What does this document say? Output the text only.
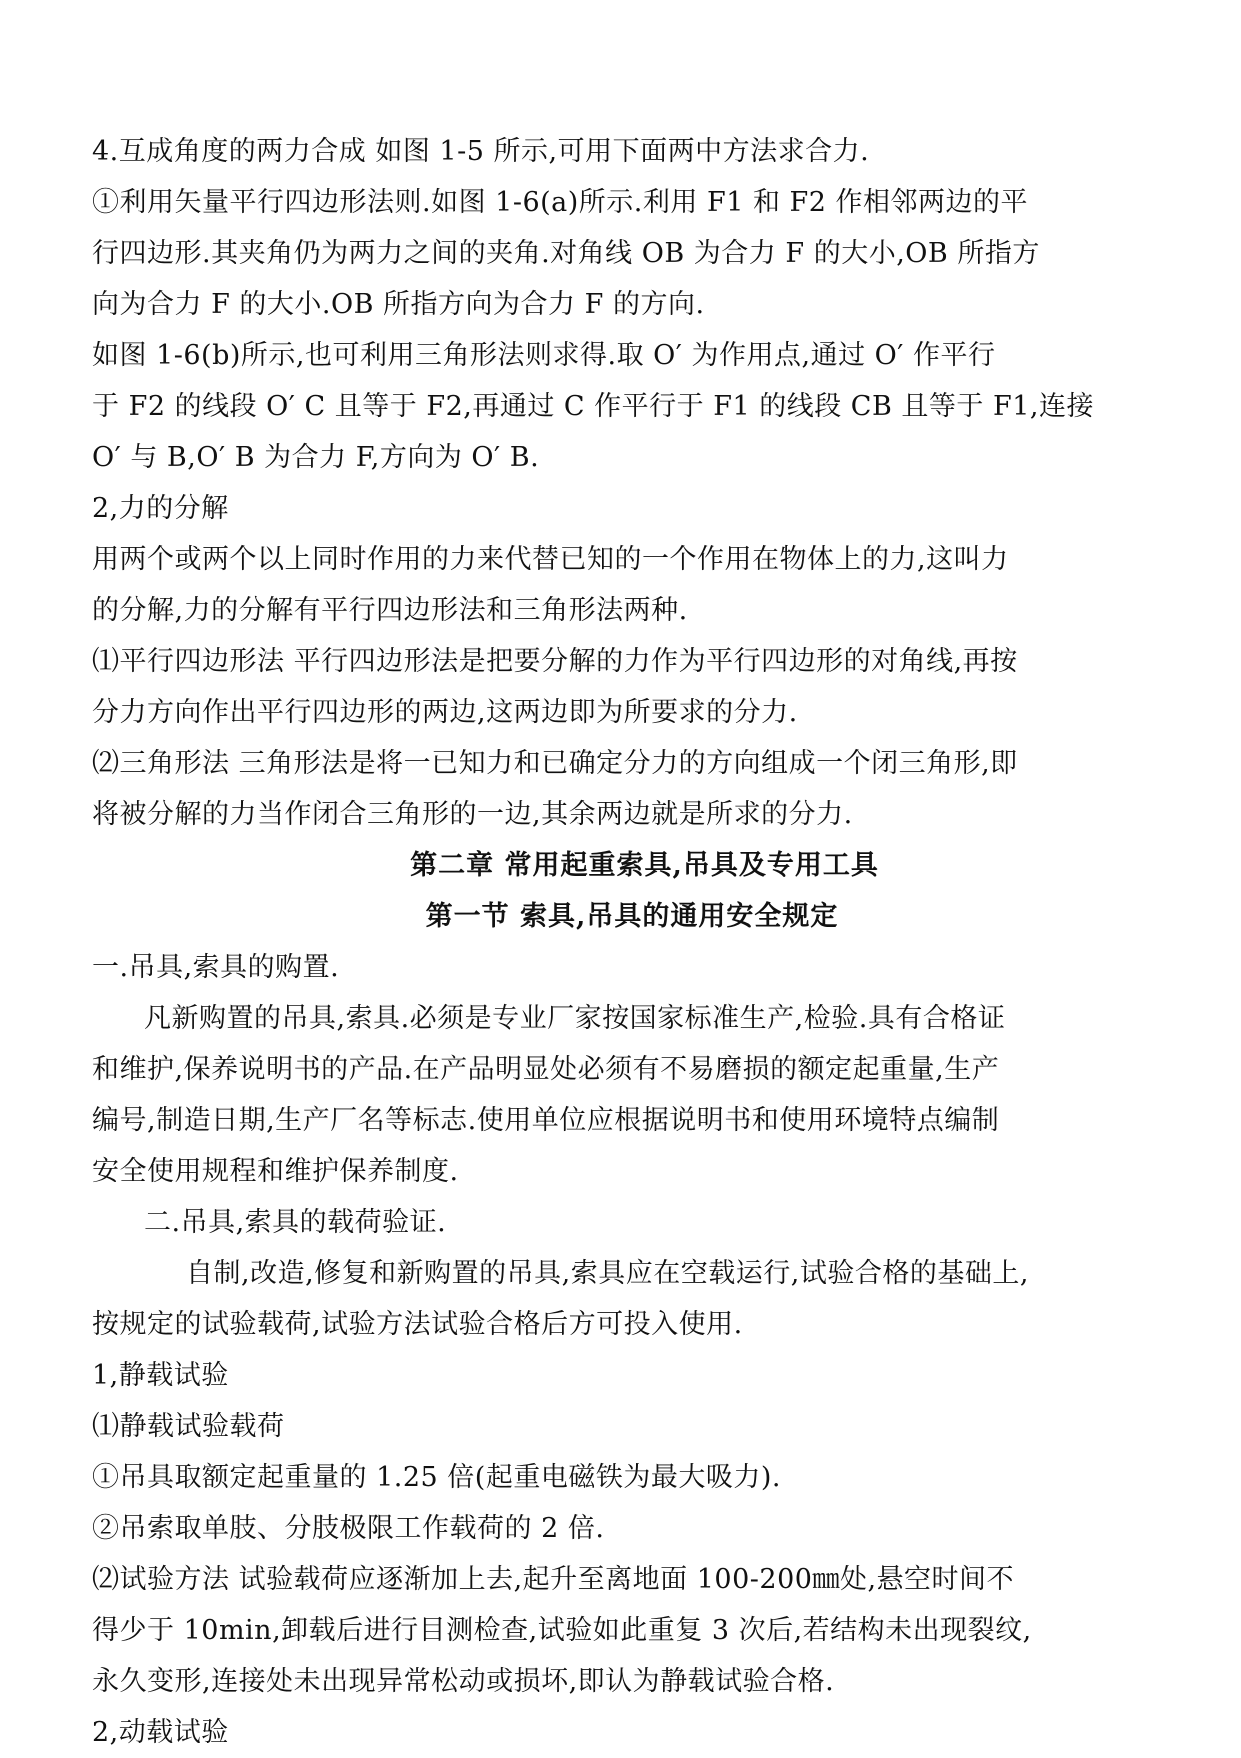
4.互成角度的两力合成 如图 1-5 所示,可用下面两中方法求合力.
①利用矢量平行四边形法则.如图 1-6(a)所示.利用 F1 和 F2 作相邻两边的平
行四边形.其夹角仍为两力之间的夹角.对角线 OB 为合力 F 的大小,OB 所指方
向为合力 F 的大小.OB 所指方向为合力 F 的方向.
如图 1-6(b)所示,也可利用三角形法则求得.取 O′ 为作用点,通过 O′ 作平行
于 F2 的线段 O′ C 且等于 F2,再通过 C 作平行于 F1 的线段 CB 且等于 F1,连接
O′ 与 B,O′ B 为合力 F,方向为 O′ B.
2,力的分解
用两个或两个以上同时作用的力来代替已知的一个作用在物体上的力,这叫力
的分解,力的分解有平行四边形法和三角形法两种.
⑴平行四边形法 平行四边形法是把要分解的力作为平行四边形的对角线,再按
分力方向作出平行四边形的两边,这两边即为所要求的分力.
⑵三角形法 三角形法是将一已知力和已确定分力的方向组成一个闭三角形,即
将被分解的力当作闭合三角形的一边,其余两边就是所求的分力.
第二章 常用起重索具,吊具及专用工具
第一节 索具,吊具的通用安全规定
一.吊具,索具的购置.
凡新购置的吊具,索具.必须是专业厂家按国家标准生产,检验.具有合格证
和维护,保养说明书的产品.在产品明显处必须有不易磨损的额定起重量,生产
编号,制造日期,生产厂名等标志.使用单位应根据说明书和使用环境特点编制
安全使用规程和维护保养制度.
二.吊具,索具的载荷验证.
自制,改造,修复和新购置的吊具,索具应在空载运行,试验合格的基础上,
按规定的试验载荷,试验方法试验合格后方可投入使用.
1,静载试验
⑴静载试验载荷
①吊具取额定起重量的 1.25 倍(起重电磁铁为最大吸力).
②吊索取单肢、分肢极限工作载荷的 2 倍.
⑵试验方法 试验载荷应逐渐加上去,起升至离地面 100-200㎜处,悬空时间不
得少于 10min,卸载后进行目测检查,试验如此重复 3 次后,若结构未出现裂纹,
永久变形,连接处未出现异常松动或损坏,即认为静载试验合格.
2,动载试验
